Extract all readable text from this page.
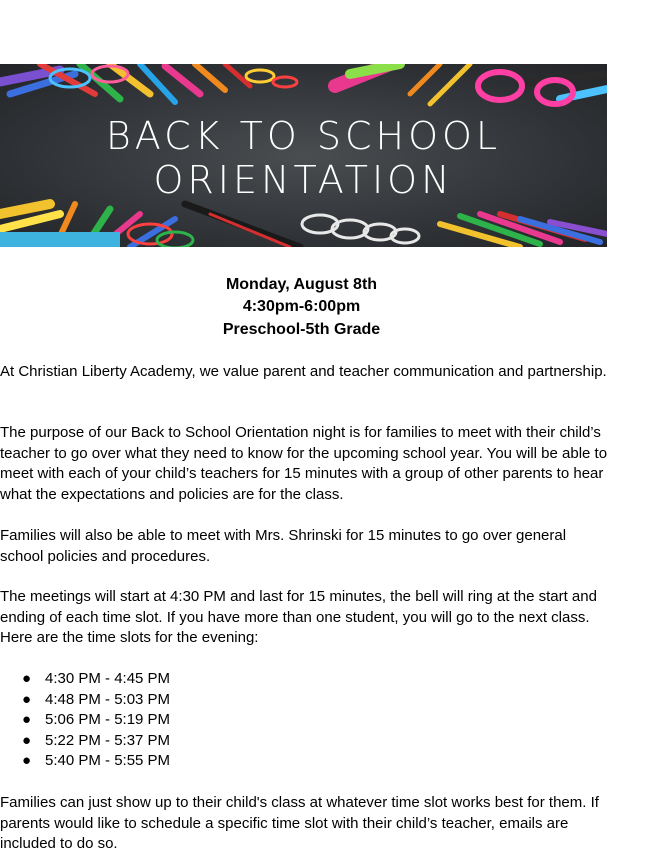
BACK TO SCHOOL
ORIENTATION
Monday, August 8th
4:30pm-6:00pm
Preschool-5th Grade

At Christian Liberty Academy, we value parent and teacher communication and partnership.

The purpose of our Back to School Orientation night is for families to meet with their child’s teacher to go over what they need to know for the upcoming school year. You will be able to meet with each of your child’s teachers for 15 minutes with a group of other parents to hear what the expectations and policies are for the class.

Families will also be able to meet with Mrs. Shrinski for 15 minutes to go over general school policies and procedures.

The meetings will start at 4:30 PM and last for 15 minutes, the bell will ring at the start and ending of each time slot. If you have more than one student, you will go to the next class. Here are the time slots for the evening:

● 4:30 PM - 4:45 PM
● 4:48 PM - 5:03 PM
● 5:06 PM - 5:19 PM
● 5:22 PM - 5:37 PM
● 5:40 PM - 5:55 PM

Families can just show up to their child's class at whatever time slot works best for them. If parents would like to schedule a specific time slot with their child’s teacher, emails are included to do so.
